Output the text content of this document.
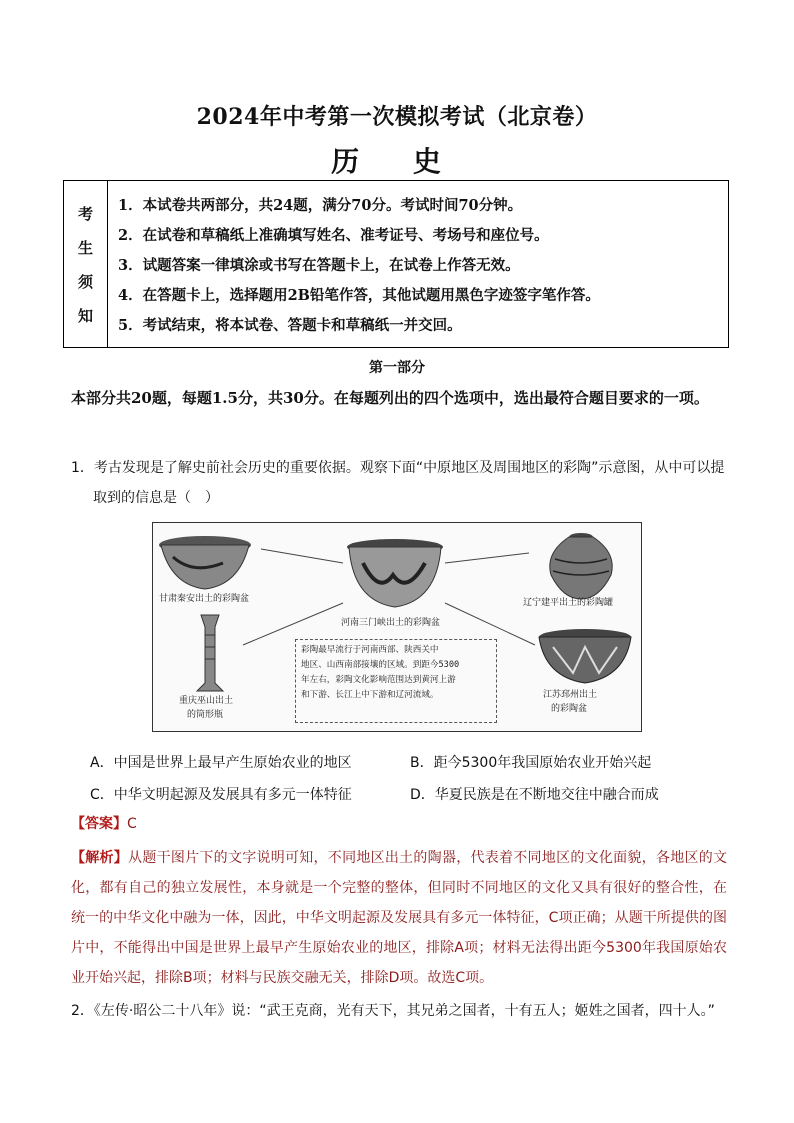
2024年中考第一次模拟考试（北京卷）
历 史
考
生
须
知
1．本试卷共两部分，共24题，满分70分。考试时间70分钟。
2．在试卷和草稿纸上准确填写姓名、准考证号、考场号和座位号。
3．试题答案一律填涂或书写在答题卡上，在试卷上作答无效。
4．在答题卡上，选择题用2B铅笔作答，其他试题用黑色字迹签字笔作答。
5．考试结束，将本试卷、答题卡和草稿纸一并交回。
第一部分
本部分共20题，每题1.5分，共30分。在每题列出的四个选项中，选出最符合题目要求的一项。
1．考古发现是了解史前社会历史的重要依据。观察下面“中原地区及周围地区的彩陶”示意图，从中可以提
取到的信息是（　）
甘肃秦安出土的彩陶盆
河南三门峡出土的彩陶盆
辽宁建平出土的彩陶罐
重庆巫山出土
的筒形瓶
江苏邳州出土
的彩陶盆
彩陶最早流行于河南西部、陕西关中
地区、山西南部接壤的区域。到距今5300
年左右，彩陶文化影响范围达到黄河上游
和下游、长江上中下游和辽河流域。
A．中国是世界上最早产生原始农业的地区	B．距今5300年我国原始农业开始兴起
C．中华文明起源及发展具有多元一体特征	D．华夏民族是在不断地交往中融合而成
【答案】C
【解析】从题干图片下的文字说明可知，不同地区出土的陶器，代表着不同地区的文化面貌，各地区的文化，都有自己的独立发展性，本身就是一个完整的整体，但同时不同地区的文化又具有很好的整合性，在统一的中华文化中融为一体，因此，中华文明起源及发展具有多元一体特征，C项正确；从题干所提供的图片中，不能得出中国是世界上最早产生原始农业的地区，排除A项；材料无法得出距今5300年我国原始农业开始兴起，排除B项；材料与民族交融无关，排除D项。故选C项。
2．《左传·昭公二十八年》说：“武王克商，光有天下，其兄弟之国者，十有五人；姬姓之国者，四十人。”
